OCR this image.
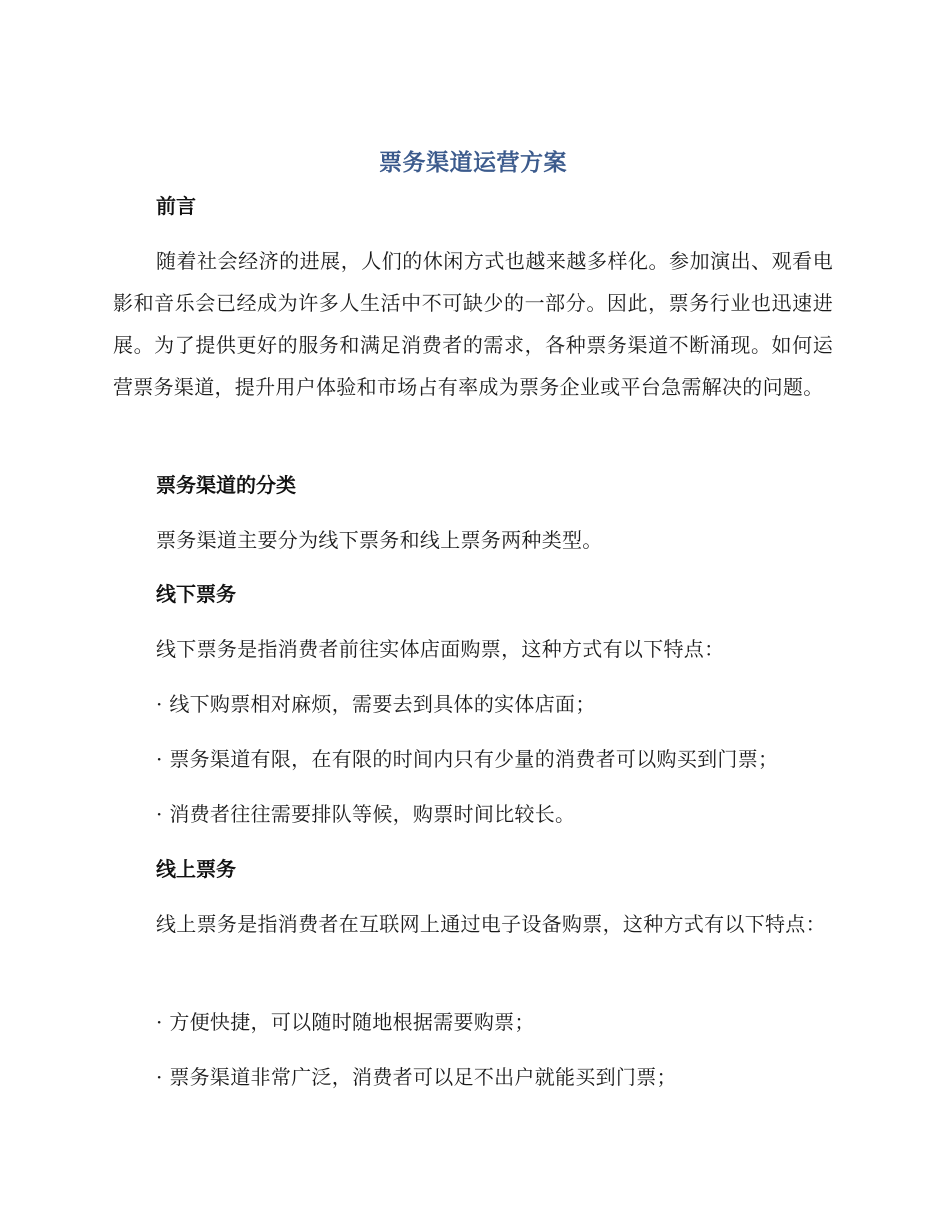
票务渠道运营方案
前言
随着社会经济的进展，人们的休闲方式也越来越多样化。参加演出、观看电影和音乐会已经成为许多人生活中不可缺少的一部分。因此，票务行业也迅速进展。为了提供更好的服务和满足消费者的需求，各种票务渠道不断涌现。如何运营票务渠道，提升用户体验和市场占有率成为票务企业或平台急需解决的问题。
票务渠道的分类
票务渠道主要分为线下票务和线上票务两种类型。
线下票务
线下票务是指消费者前往实体店面购票，这种方式有以下特点：
· 线下购票相对麻烦，需要去到具体的实体店面；
· 票务渠道有限，在有限的时间内只有少量的消费者可以购买到门票；
· 消费者往往需要排队等候，购票时间比较长。
线上票务
线上票务是指消费者在互联网上通过电子设备购票，这种方式有以下特点：
· 方便快捷，可以随时随地根据需要购票；
· 票务渠道非常广泛，消费者可以足不出户就能买到门票；
